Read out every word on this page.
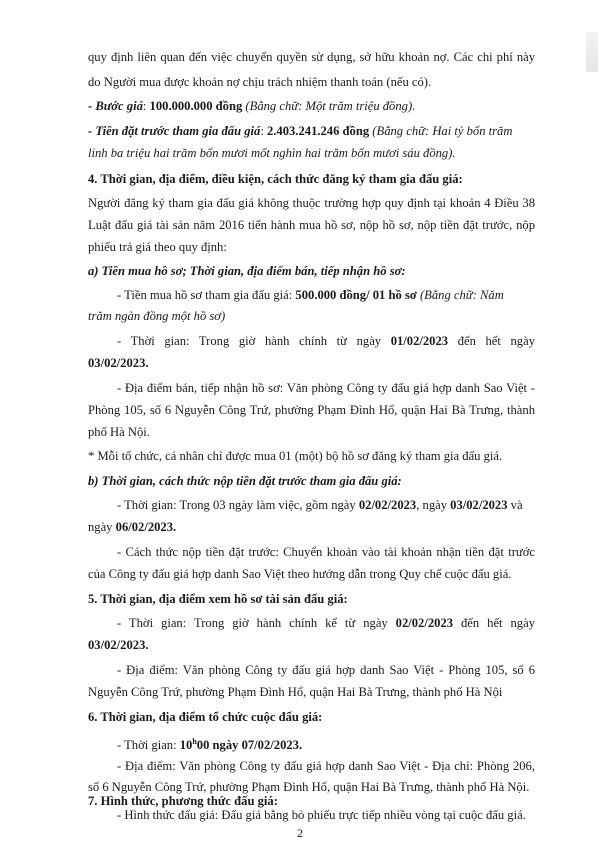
quy định liên quan đến việc chuyển quyền sử dụng, sở hữu khoản nợ. Các chi phí này
do Người mua được khoản nợ chịu trách nhiệm thanh toán (nếu có).
- Bước giá: 100.000.000 đồng (Bằng chữ: Một trăm triệu đồng).
- Tiền đặt trước tham gia đấu giá: 2.403.241.246 đồng (Bằng chữ: Hai tỷ bốn trăm
linh ba triệu hai trăm bốn mươi mốt nghìn hai trăm bốn mươi sáu đồng).
4. Thời gian, địa điểm, điều kiện, cách thức đăng ký tham gia đấu giá:
Người đăng ký tham gia đấu giá không thuộc trường hợp quy định tại khoản 4 Điều 38
Luật đấu giá tài sản năm 2016 tiến hành mua hồ sơ, nộp hồ sơ, nộp tiền đặt trước, nộp
phiếu trả giá theo quy định:
a) Tiền mua hồ sơ; Thời gian, địa điểm bán, tiếp nhận hồ sơ:
- Tiền mua hồ sơ tham gia đấu giá: 500.000 đồng/ 01 hồ sơ (Bằng chữ: Năm
trăm ngàn đồng một hồ sơ)
- Thời gian: Trong giờ hành chính từ ngày 01/02/2023 đến hết ngày
03/02/2023.
- Địa điểm bán, tiếp nhận hồ sơ: Văn phòng Công ty đấu giá hợp danh Sao Việt -
Phòng 105, số 6 Nguyễn Công Trứ, phường Phạm Đình Hổ, quận Hai Bà Trưng, thành
phố Hà Nội.
* Mỗi tổ chức, cá nhân chỉ được mua 01 (một) bộ hồ sơ đăng ký tham gia đấu giá.
b) Thời gian, cách thức nộp tiền đặt trước tham gia đấu giá:
- Thời gian: Trong 03 ngày làm việc, gồm ngày 02/02/2023, ngày 03/02/2023 và
ngày 06/02/2023.
- Cách thức nộp tiền đặt trước: Chuyển khoản vào tài khoản nhận tiền đặt trước
của Công ty đấu giá hợp danh Sao Việt theo hướng dẫn trong Quy chế cuộc đấu giá.
5. Thời gian, địa điểm xem hồ sơ tài sản đấu giá:
- Thời gian: Trong giờ hành chính kể từ ngày 02/02/2023 đến hết ngày
03/02/2023.
- Địa điểm: Văn phòng Công ty đấu giá hợp danh Sao Việt - Phòng 105, số 6
Nguyễn Công Trứ, phường Phạm Đình Hổ, quận Hai Bà Trưng, thành phố Hà Nội
6. Thời gian, địa điểm tổ chức cuộc đấu giá:
- Thời gian: 10$^h$00 ngày 07/02/2023.
- Địa điểm: Văn phòng Công ty đấu giá hợp danh Sao Việt - Địa chỉ: Phòng 206,
số 6 Nguyễn Công Trứ, phường Phạm Đình Hổ, quận Hai Bà Trưng, thành phố Hà Nội.
7. Hình thức, phương thức đấu giá:
- Hình thức đấu giá: Đấu giá bằng bỏ phiếu trực tiếp nhiều vòng tại cuộc đấu giá.
2
